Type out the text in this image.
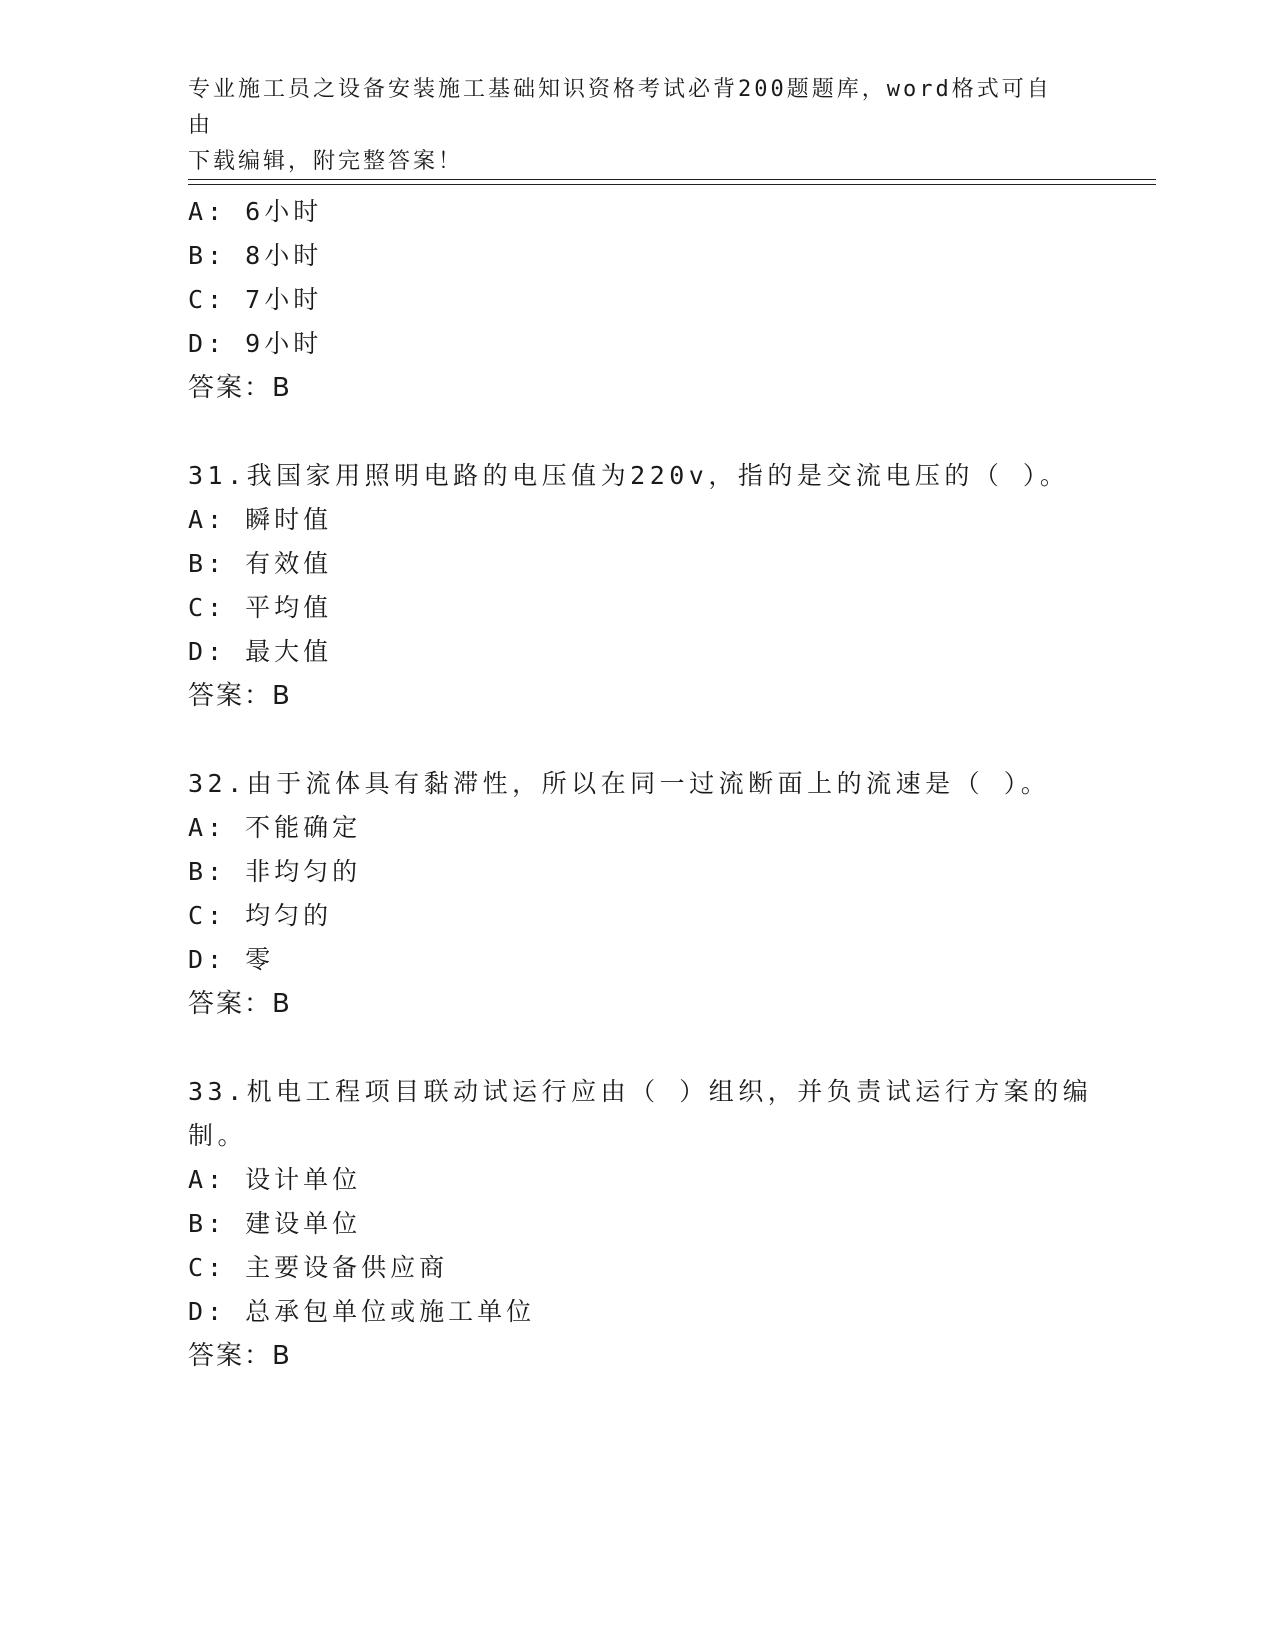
专业施工员之设备安装施工基础知识资格考试必背200题题库，word格式可自由
下载编辑，附完整答案！
A: 6小时
B: 8小时
C: 7小时
D: 9小时
答案：B
31.我国家用照明电路的电压值为220v，指的是交流电压的（ ）。
A: 瞬时值
B: 有效值
C: 平均值
D: 最大值
答案：B
32.由于流体具有黏滞性，所以在同一过流断面上的流速是（ ）。
A: 不能确定
B: 非均匀的
C: 均匀的
D: 零
答案：B
33.机电工程项目联动试运行应由（ ）组织，并负责试运行方案的编
制。
A: 设计单位
B: 建设单位
C: 主要设备供应商
D: 总承包单位或施工单位
答案：B
